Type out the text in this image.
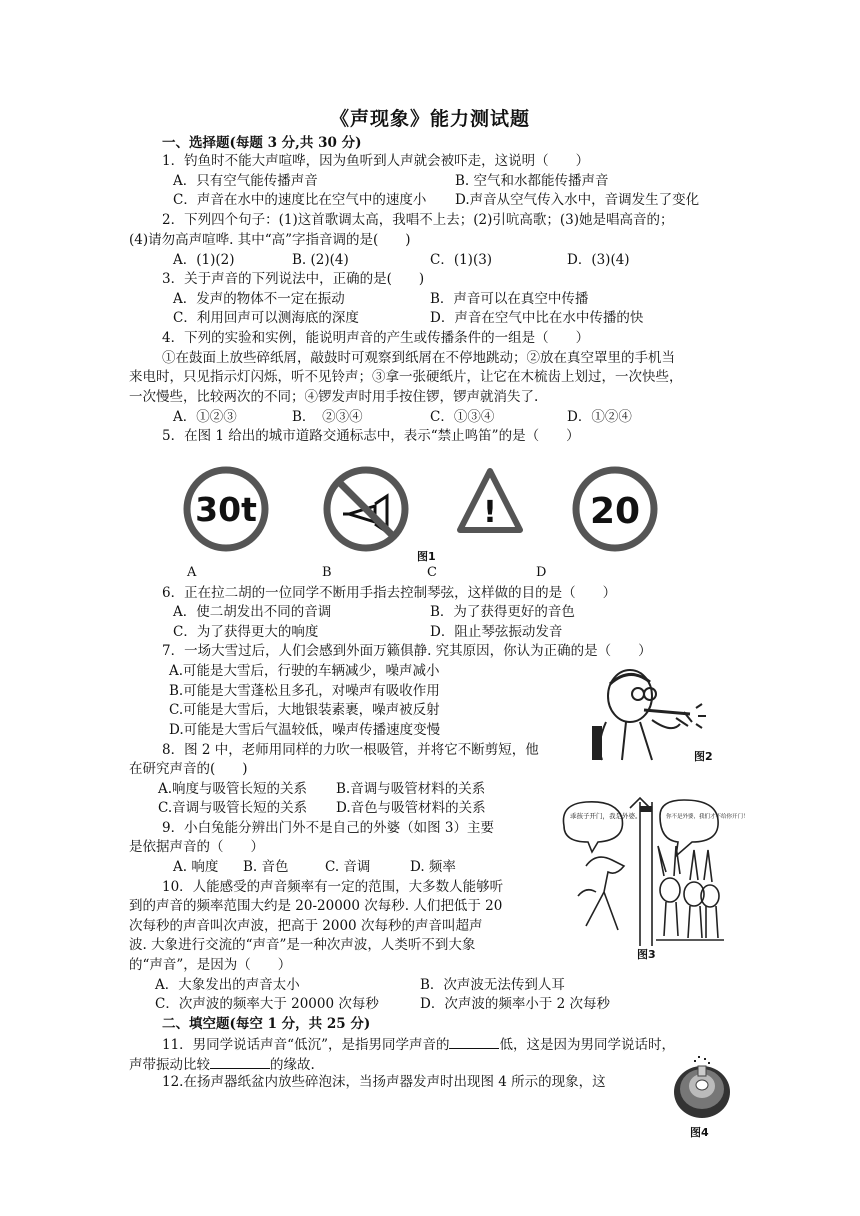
《声现象》能力测试题
一、选择题(每题 3 分,共 30 分)
1．钓鱼时不能大声喧哗，因为鱼听到人声就会被吓走，这说明（　　）
A．只有空气能传播声音	B. 空气和水都能传播声音
C．声音在水中的速度比在空气中的速度小 D.声音从空气传入水中，音调发生了变化
2．下列四个句子：(1)这首歌调太高，我唱不上去；(2)引吭高歌；(3)她是唱高音的；
(4)请勿高声喧哗. 其中“高”字指音调的是(　　)
A．(1)(2)	B. (2)(4)	C．(1)(3)	D．(3)(4)
3．关于声音的下列说法中，正确的是(　　)
A．发声的物体不一定在振动	B．声音可以在真空中传播
C．利用回声可以测海底的深度	D．声音在空气中比在水中传播的快
4．下列的实验和实例，能说明声音的产生或传播条件的一组是（　　）
①在鼓面上放些碎纸屑，敲鼓时可观察到纸屑在不停地跳动；②放在真空罩里的手机当
来电时，只见指示灯闪烁，听不见铃声；③拿一张硬纸片，让它在木梳齿上划过，一次快些，
一次慢些，比较两次的不同；④锣发声时用手按住锣，锣声就消失了.
A．①②③	B．　②③④	C．①③④	D．①②④
5．在图 1 给出的城市道路交通标志中，表示“禁止鸣笛”的是（　　）
30t	!	20
图1
A	B	C	D
6．正在拉二胡的一位同学不断用手指去控制琴弦，这样做的目的是（　　）
A．使二胡发出不同的音调	B．为了获得更好的音色
C．为了获得更大的响度	D．阻止琴弦振动发音
7．一场大雪过后，人们会感到外面万籁俱静. 究其原因，你认为正确的是（　　）
A.可能是大雪后，行驶的车辆减少，噪声减小
B.可能是大雪蓬松且多孔，对噪声有吸收作用
C.可能是大雪后，大地银装素裹，噪声被反射
D.可能是大雪后气温较低，噪声传播速度变慢
图2
8．图 2 中，老师用同样的力吹一根吸管，并将它不断剪短，他
在研究声音的(　　)
A.响度与吸管长短的关系 B.音调与吸管材料的关系
C.音调与吸管长短的关系 D.音色与吸管材料的关系
9．小白兔能分辨出门外不是自己的外婆（如图 3）主要
是依据声音的（　　）
A. 响度 B. 音色	C. 音调	D. 频率
乖孩子开门，我是外婆。	你不是外婆，我们才不给你开门！
图3
10．人能感受的声音频率有一定的范围，大多数人能够听
到的声音的频率范围大约是 20-20000 次每秒. 人们把低于 20
次每秒的声音叫次声波，把高于 2000 次每秒的声音叫超声
波. 大象进行交流的“声音”是一种次声波，人类听不到大象
的“声音”，是因为（　　）
A．大象发出的声音太小	B．次声波无法传到人耳
C．次声波的频率大于 20000 次每秒	D．次声波的频率小于 2 次每秒
二、填空题(每空 1 分，共 25 分)
11．男同学说话声音“低沉”，是指男同学声音的	低，这是因为男同学说话时，
声带振动比较	的缘故.
12.在扬声器纸盆内放些碎泡沫，当扬声器发声时出现图 4 所示的现象，这
图4
